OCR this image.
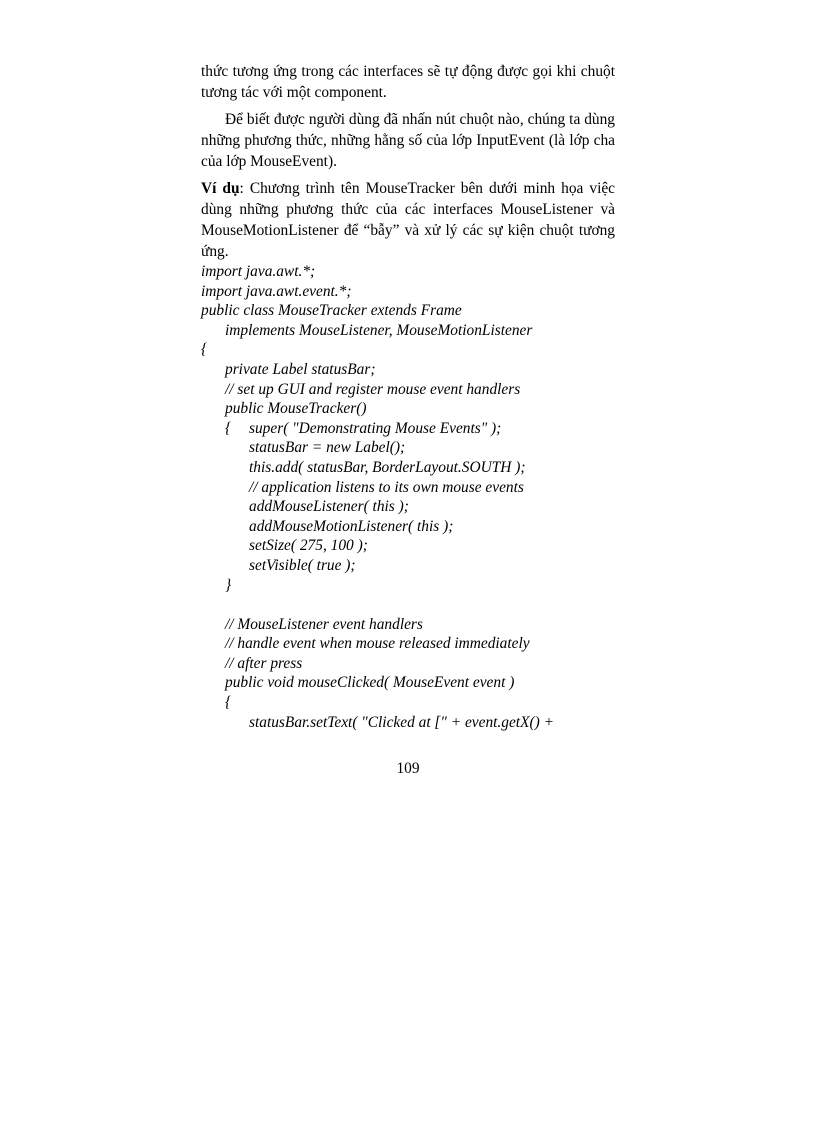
thức tương ứng trong các interfaces sẽ tự động được gọi khi chuột tương tác với một component.

Để biết được người dùng đã nhấn nút chuột nào, chúng ta dùng những phương thức, những hằng số của lớp InputEvent (là lớp cha của lớp MouseEvent).

Ví dụ: Chương trình tên MouseTracker bên dưới minh họa việc dùng những phương thức của các interfaces MouseListener và MouseMotionListener để “bẫy” và xử lý các sự kiện chuột tương ứng.

import java.awt.*;
import java.awt.event.*;
public class MouseTracker extends Frame
implements MouseListener, MouseMotionListener
{
private Label statusBar;
// set up GUI and register mouse event handlers
public MouseTracker()
{ super( "Demonstrating Mouse Events" );
statusBar = new Label();
this.add( statusBar, BorderLayout.SOUTH );
// application listens to its own mouse events
addMouseListener( this );
addMouseMotionListener( this );
setSize( 275, 100 );
setVisible( true );
}
// MouseListener event handlers
// handle event when mouse released immediately
// after press
public void mouseClicked( MouseEvent event )
{
statusBar.setText( "Clicked at [" + event.getX() +
109
